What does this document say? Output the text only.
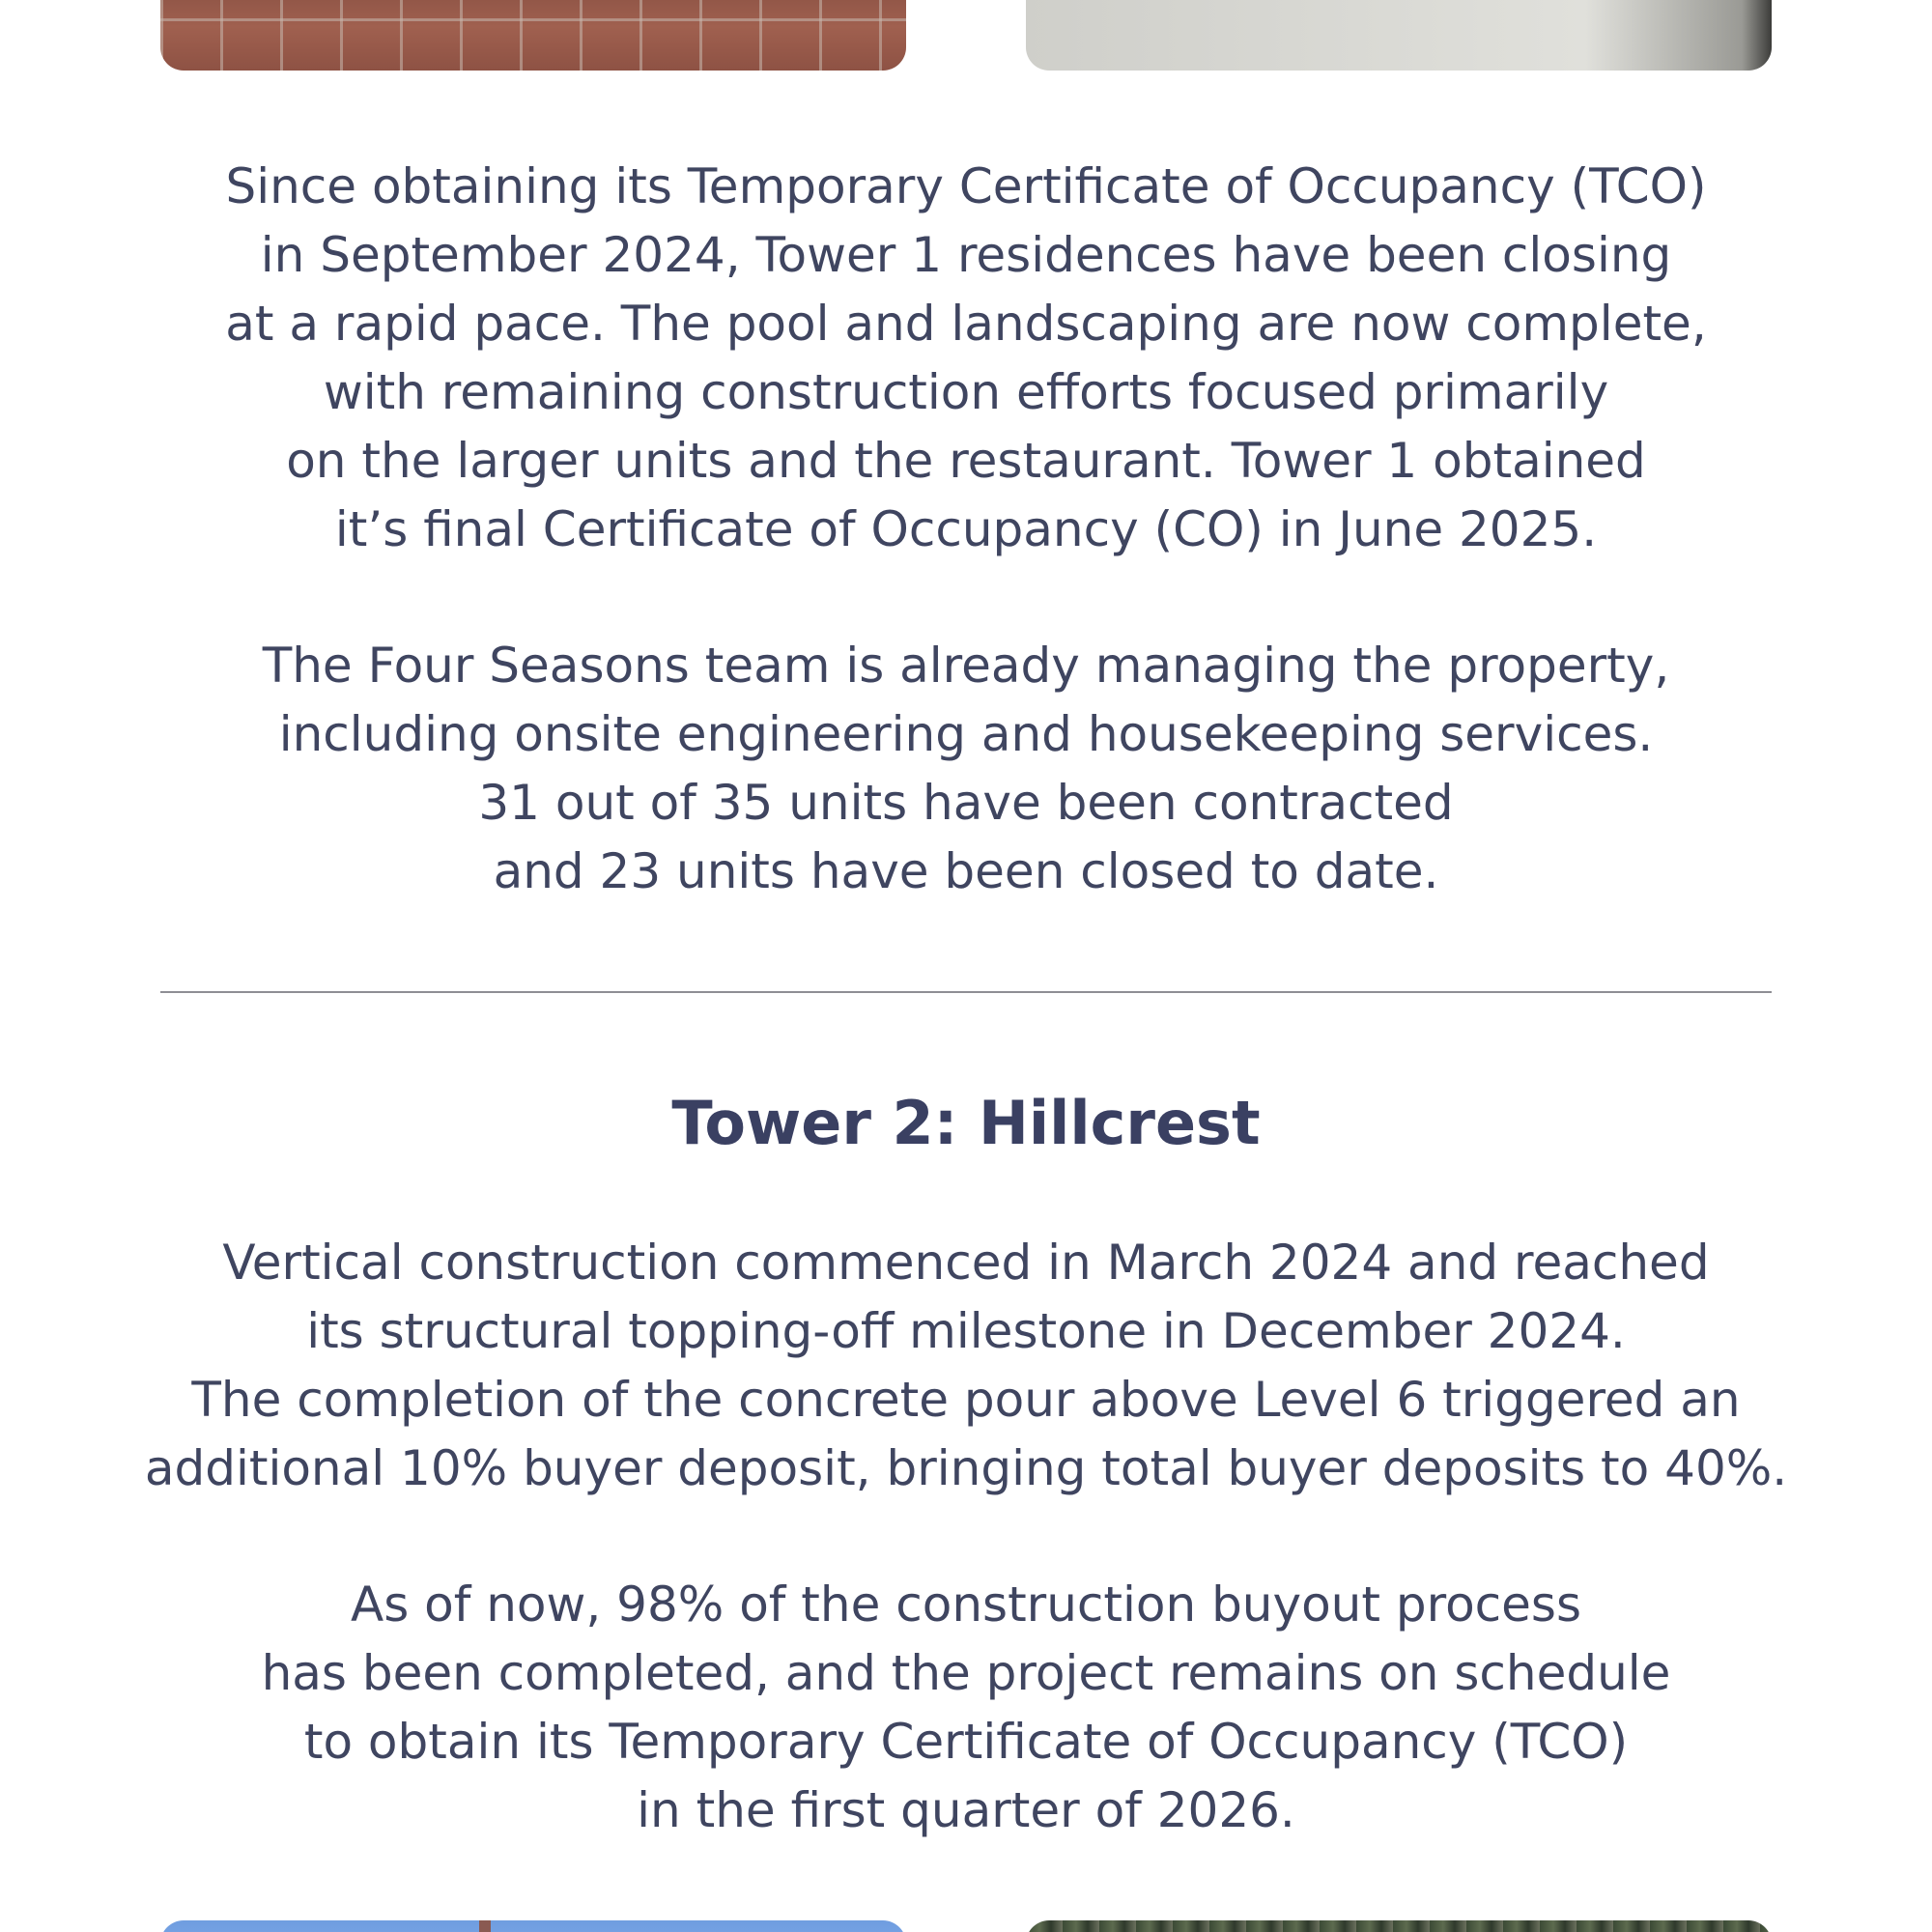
Since obtaining its Temporary Certificate of Occupancy (TCO)
in September 2024, Tower 1 residences have been closing
at a rapid pace. The pool and landscaping are now complete,
with remaining construction efforts focused primarily
on the larger units and the restaurant. Tower 1 obtained
it’s final Certificate of Occupancy (CO) in June 2025.

The Four Seasons team is already managing the property,
including onsite engineering and housekeeping services.
31 out of 35 units have been contracted
and 23 units have been closed to date.

Tower 2: Hillcrest

Vertical construction commenced in March 2024 and reached
its structural topping-off milestone in December 2024.
The completion of the concrete pour above Level 6 triggered an
additional 10% buyer deposit, bringing total buyer deposits to 40%.

As of now, 98% of the construction buyout process
has been completed, and the project remains on schedule
to obtain its Temporary Certificate of Occupancy (TCO)
in the first quarter of 2026.
